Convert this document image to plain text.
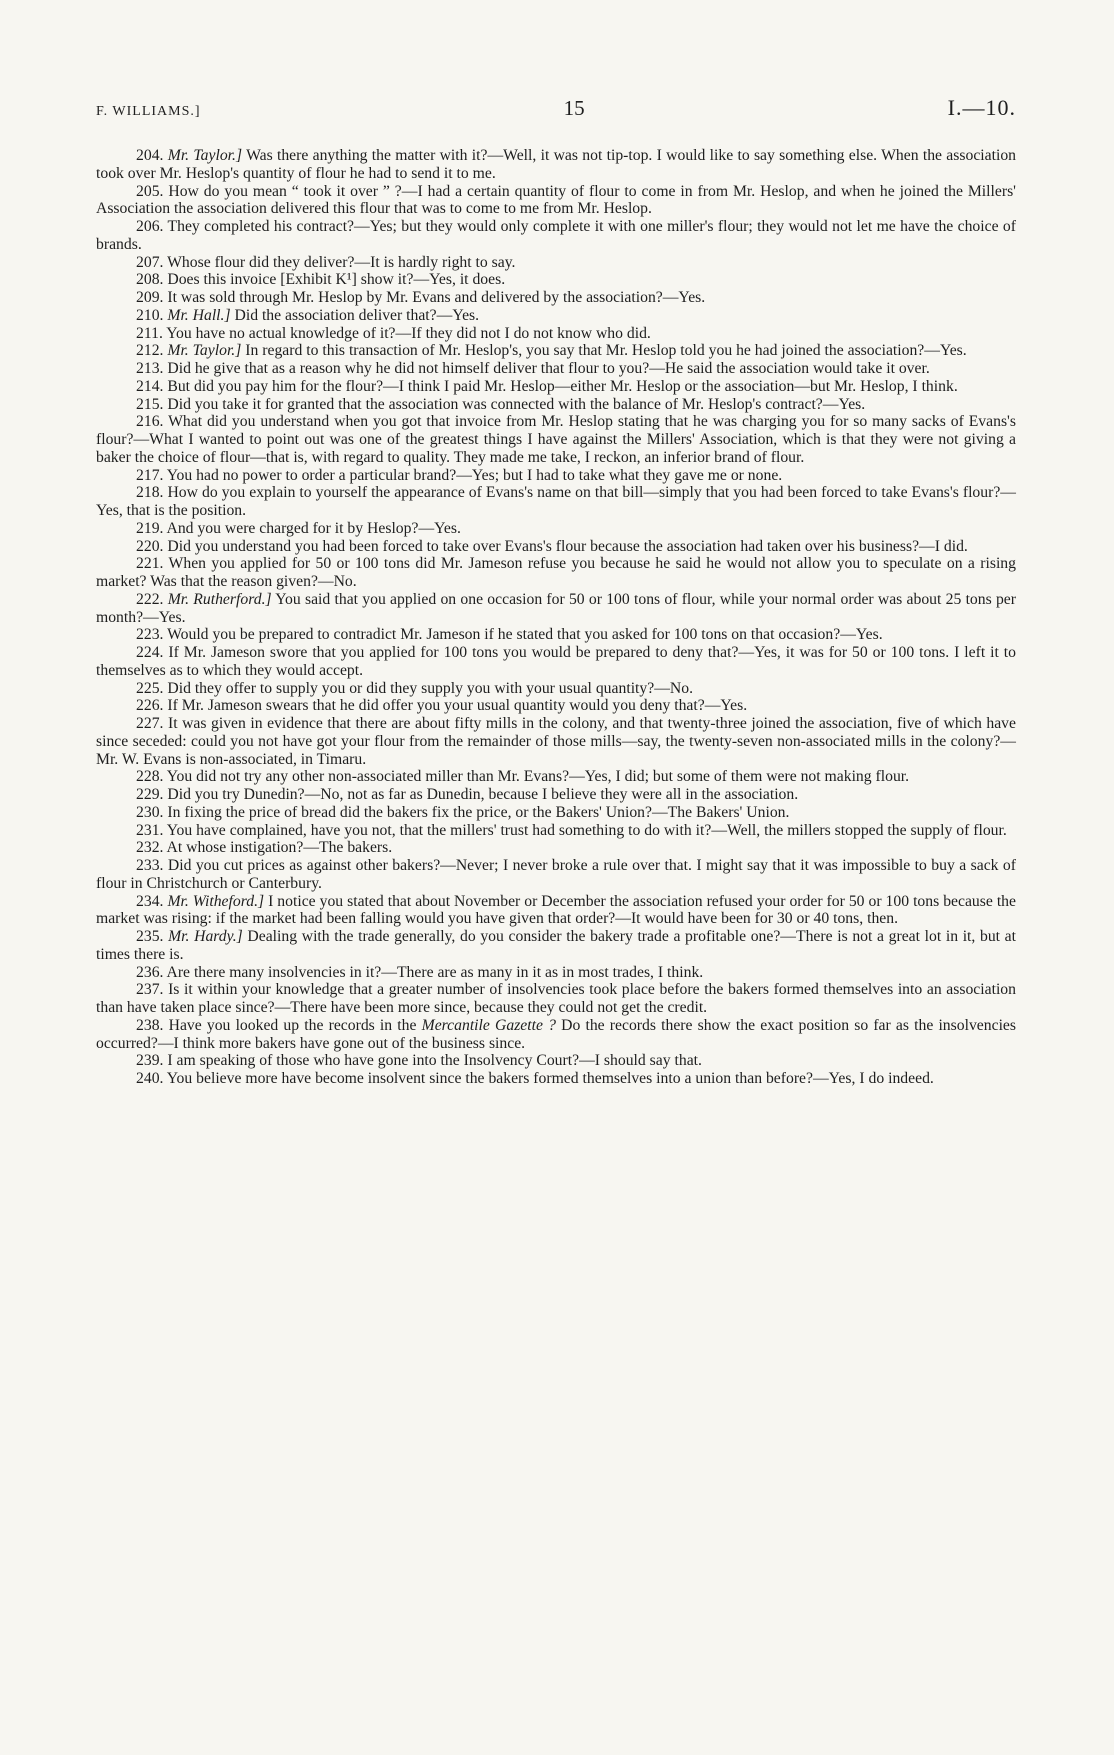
F. WILLIAMS.]	15	I.—10.

204. Mr. Taylor.] Was there anything the matter with it?—Well, it was not tip-top. I would like to say something else. When the association took over Mr. Heslop's quantity of flour he had to send it to me.

205. How do you mean “ took it over ” ?—I had a certain quantity of flour to come in from Mr. Heslop, and when he joined the Millers' Association the association delivered this flour that was to come to me from Mr. Heslop.

206. They completed his contract?—Yes; but they would only complete it with one miller's flour; they would not let me have the choice of brands.

207. Whose flour did they deliver?—It is hardly right to say.

208. Does this invoice [Exhibit K¹] show it?—Yes, it does.

209. It was sold through Mr. Heslop by Mr. Evans and delivered by the association?—Yes.

210. Mr. Hall.] Did the association deliver that?—Yes.

211. You have no actual knowledge of it?—If they did not I do not know who did.

212. Mr. Taylor.] In regard to this transaction of Mr. Heslop's, you say that Mr. Heslop told you he had joined the association?—Yes.

213. Did he give that as a reason why he did not himself deliver that flour to you?—He said the association would take it over.

214. But did you pay him for the flour?—I think I paid Mr. Heslop—either Mr. Heslop or the association—but Mr. Heslop, I think.

215. Did you take it for granted that the association was connected with the balance of Mr. Heslop's contract?—Yes.

216. What did you understand when you got that invoice from Mr. Heslop stating that he was charging you for so many sacks of Evans's flour?—What I wanted to point out was one of the greatest things I have against the Millers' Association, which is that they were not giving a baker the choice of flour—that is, with regard to quality. They made me take, I reckon, an inferior brand of flour.

217. You had no power to order a particular brand?—Yes; but I had to take what they gave me or none.

218. How do you explain to yourself the appearance of Evans's name on that bill—simply that you had been forced to take Evans's flour?—Yes, that is the position.

219. And you were charged for it by Heslop?—Yes.

220. Did you understand you had been forced to take over Evans's flour because the association had taken over his business?—I did.

221. When you applied for 50 or 100 tons did Mr. Jameson refuse you because he said he would not allow you to speculate on a rising market? Was that the reason given?—No.

222. Mr. Rutherford.] You said that you applied on one occasion for 50 or 100 tons of flour, while your normal order was about 25 tons per month?—Yes.

223. Would you be prepared to contradict Mr. Jameson if he stated that you asked for 100 tons on that occasion?—Yes.

224. If Mr. Jameson swore that you applied for 100 tons you would be prepared to deny that?—Yes, it was for 50 or 100 tons. I left it to themselves as to which they would accept.

225. Did they offer to supply you or did they supply you with your usual quantity?—No.

226. If Mr. Jameson swears that he did offer you your usual quantity would you deny that?—Yes.

227. It was given in evidence that there are about fifty mills in the colony, and that twenty-three joined the association, five of which have since seceded: could you not have got your flour from the remainder of those mills—say, the twenty-seven non-associated mills in the colony?—Mr. W. Evans is non-associated, in Timaru.

228. You did not try any other non-associated miller than Mr. Evans?—Yes, I did; but some of them were not making flour.

229. Did you try Dunedin?—No, not as far as Dunedin, because I believe they were all in the association.

230. In fixing the price of bread did the bakers fix the price, or the Bakers' Union?—The Bakers' Union.

231. You have complained, have you not, that the millers' trust had something to do with it?—Well, the millers stopped the supply of flour.

232. At whose instigation?—The bakers.

233. Did you cut prices as against other bakers?—Never; I never broke a rule over that. I might say that it was impossible to buy a sack of flour in Christchurch or Canterbury.

234. Mr. Witheford.] I notice you stated that about November or December the association refused your order for 50 or 100 tons because the market was rising: if the market had been falling would you have given that order?—It would have been for 30 or 40 tons, then.

235. Mr. Hardy.] Dealing with the trade generally, do you consider the bakery trade a profitable one?—There is not a great lot in it, but at times there is.

236. Are there many insolvencies in it?—There are as many in it as in most trades, I think.

237. Is it within your knowledge that a greater number of insolvencies took place before the bakers formed themselves into an association than have taken place since?—There have been more since, because they could not get the credit.

238. Have you looked up the records in the Mercantile Gazette ? Do the records there show the exact position so far as the insolvencies occurred?—I think more bakers have gone out of the business since.

239. I am speaking of those who have gone into the Insolvency Court?—I should say that.

240. You believe more have become insolvent since the bakers formed themselves into a union than before?—Yes, I do indeed.
